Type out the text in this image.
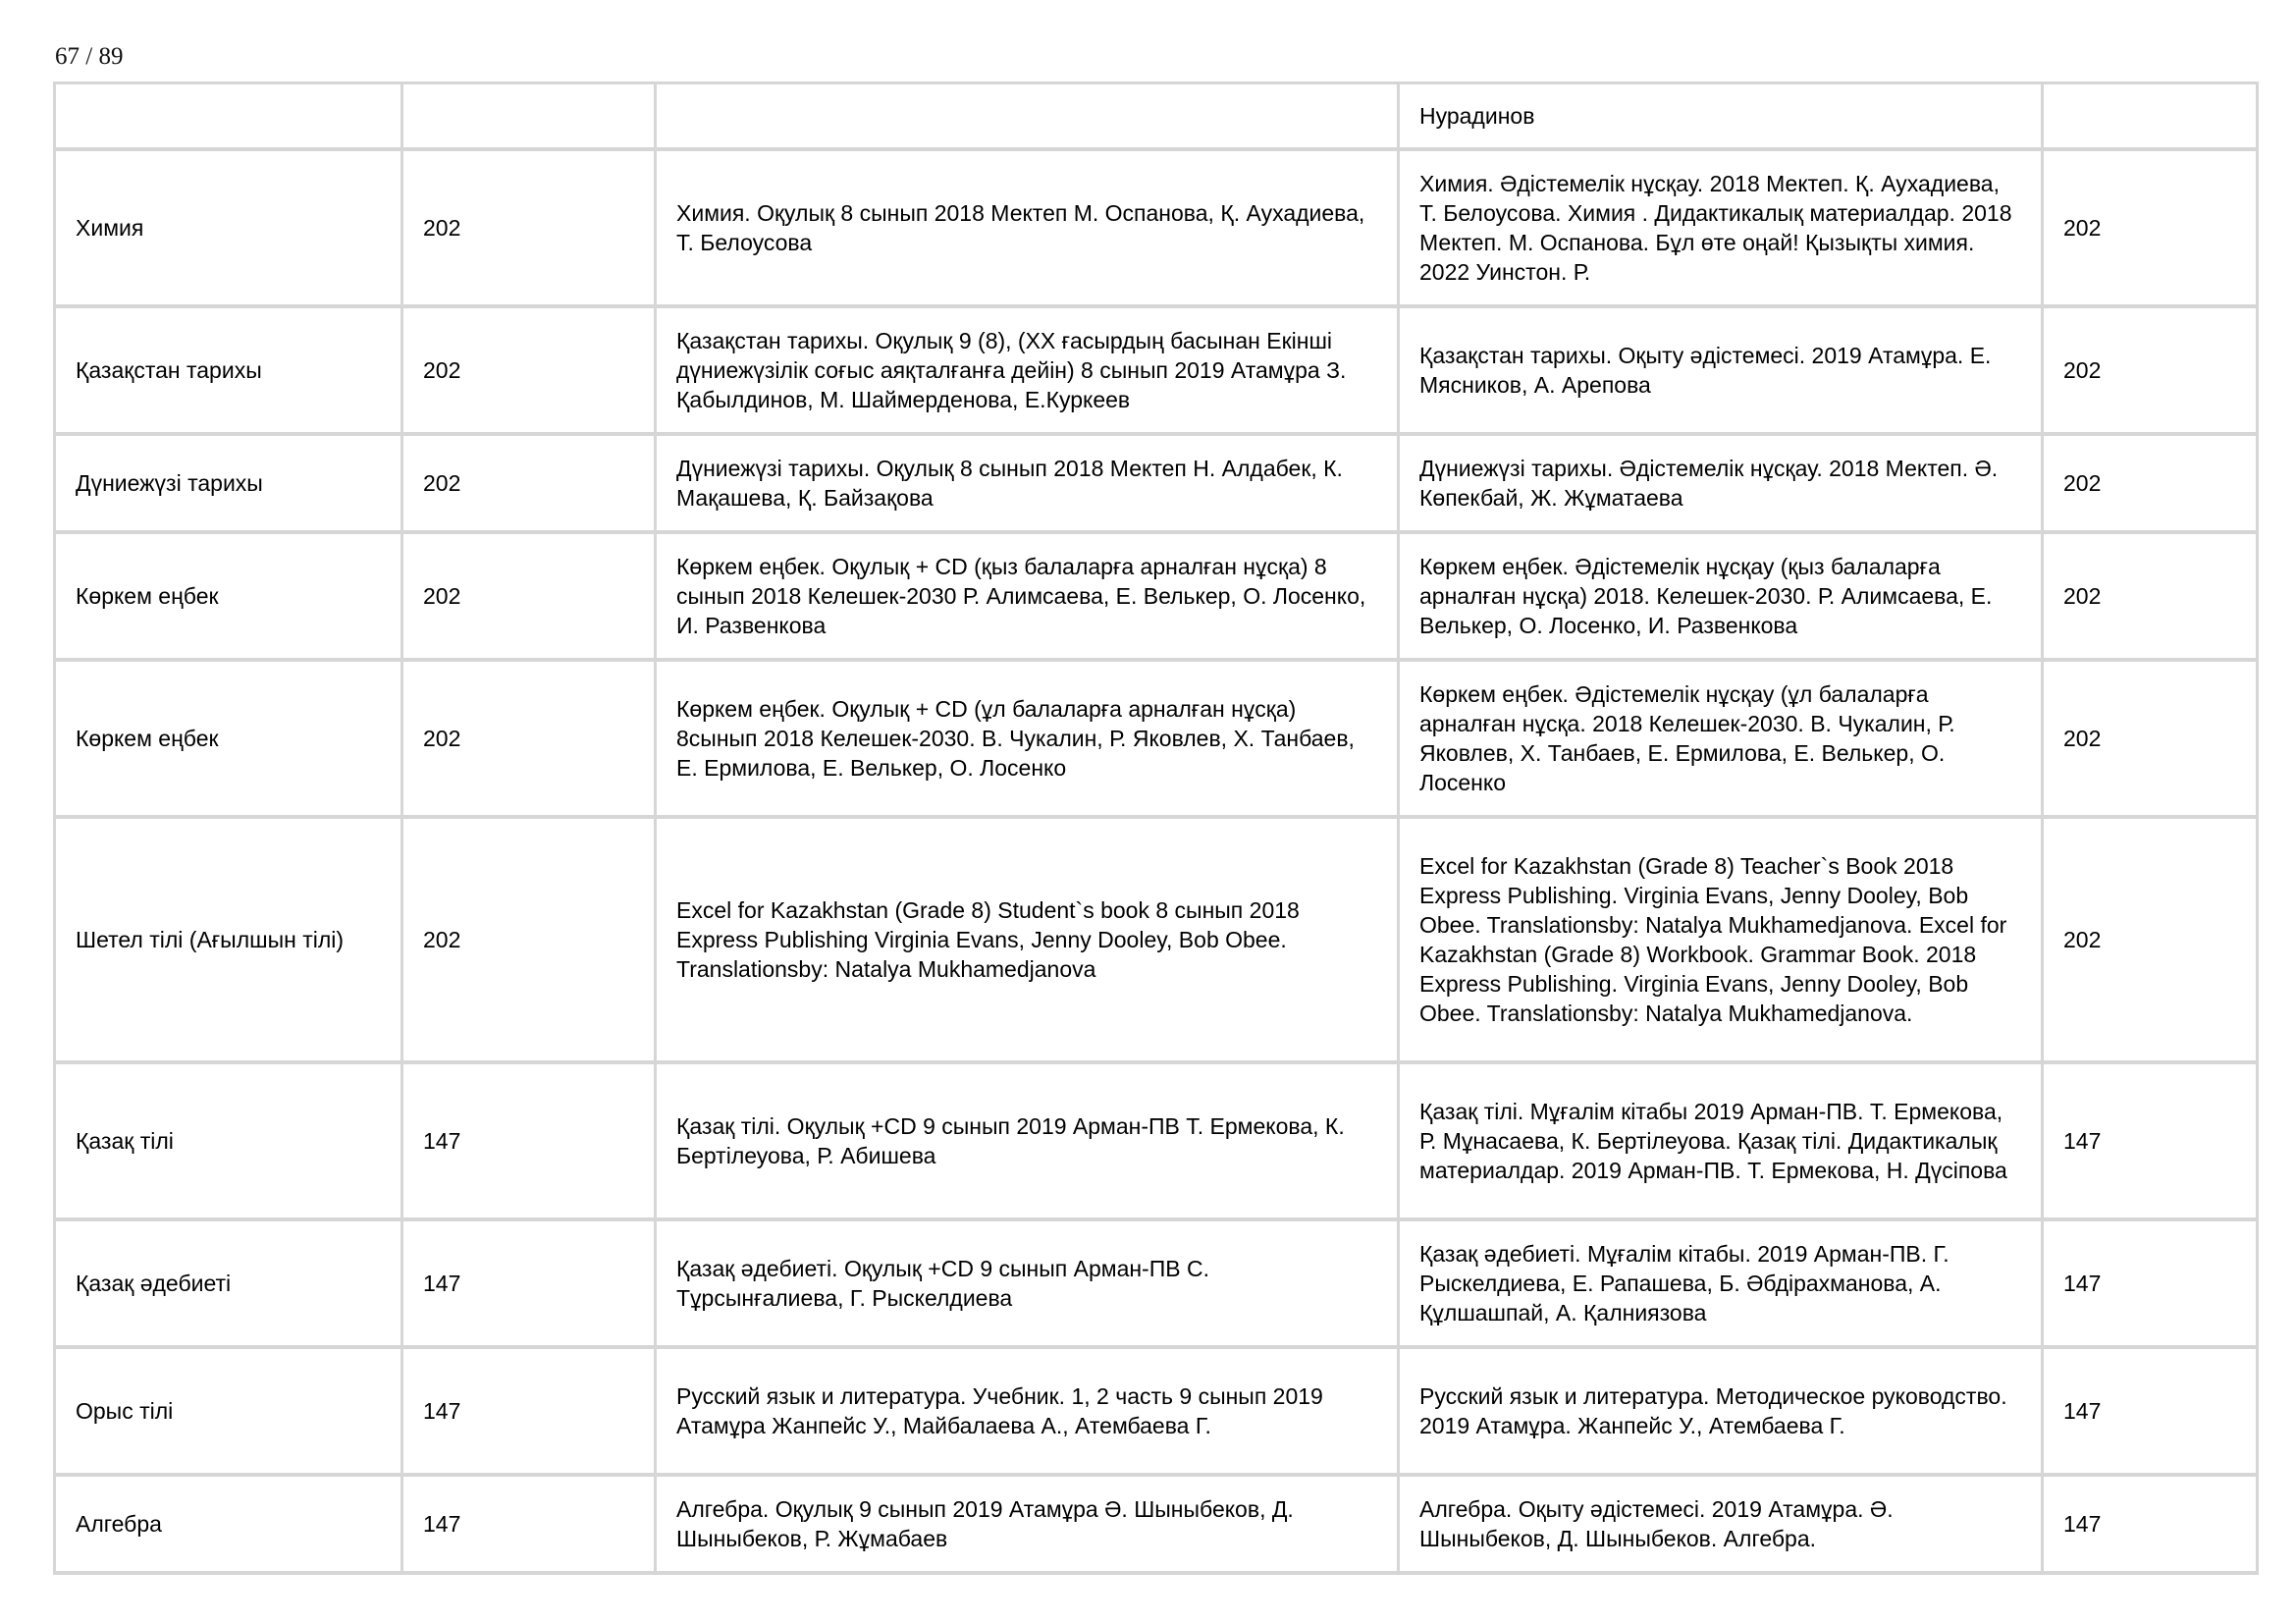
67 / 89
			Нурадинов	
Химия	202	Химия. Оқулық 8 сынып 2018 Мектеп М. Оспанова, Қ. Аухадиева, Т. Белоусова	Химия. Әдістемелік нұсқау. 2018 Мектеп. Қ. Аухадиева, Т. Белоусова. Химия . Дидактикалық материалдар. 2018 Мектеп. М. Оспанова. Бұл өте оңай! Қызықты химия. 2022 Уинстон. Р.	202
Қазақстан тарихы	202	Қазақстан тарихы. Оқулық 9 (8), (ХХ ғасырдың басынан Екінші дүниежүзілік соғыс аяқталғанға дейін) 8 сынып 2019 Атамұра З. Қабылдинов, М. Шаймерденова, Е.Куркеев	Қазақстан тарихы. Оқыту әдістемесі. 2019 Атамұра. Е. Мясников, А. Арепова	202
Дүниежүзі тарихы	202	Дүниежүзі тарихы. Оқулық 8 сынып 2018 Мектеп Н. Алдабек, К. Мақашева, Қ. Байзақова	Дүниежүзі тарихы. Әдістемелік нұсқау. 2018 Мектеп. Ә. Көпекбай, Ж. Жұматаева	202
Көркем еңбек	202	Көркем еңбек. Оқулық + CD (қыз балаларға арналған нұсқа) 8 сынып 2018 Келешек-2030 Р. Алимсаева, Е. Велькер, О. Лосенко, И. Развенкова	Көркем еңбек. Әдістемелік нұсқау (қыз балаларға арналған нұсқа) 2018. Келешек-2030. Р. Алимсаева, Е. Велькер, О. Лосенко, И. Развенкова	202
Көркем еңбек	202	Көркем еңбек. Оқулық + CD (ұл балаларға арналған нұсқа) 8сынып 2018 Келешек-2030. В. Чукалин, Р. Яковлев, Х. Танбаев, Е. Ермилова, Е. Велькер, О. Лосенко	Көркем еңбек. Әдістемелік нұсқау (ұл балаларға арналған нұсқа. 2018 Келешек-2030. В. Чукалин, Р. Яковлев, Х. Танбаев, Е. Ермилова, Е. Велькер, О. Лосенко	202
Шетел тілі (Ағылшын тілі)	202	Excel for Kazakhstan (Grade 8) Student`s book 8 сынып 2018 Express Publishing Virginia Evans, Jenny Dooley, Bob Obee. Translationsby: Natalya Mukhamedjanova	Excel for Kazakhstan (Grade 8) Teacher`s Book 2018 Express Publishing. Virginia Evans, Jenny Dooley, Bob Obee. Translationsby: Natalya Mukhamedjanova. Excel for Kazakhstan (Grade 8) Workbook. Grammar Book. 2018 Express Publishing. Virginia Evans, Jenny Dooley, Bob Obee. Translationsby: Natalya Mukhamedjanova.	202
Қазақ тілі	147	Қазақ тілі. Оқулық +CD 9 сынып 2019 Арман-ПВ Т. Ермекова, К. Бертілеуова, Р. Абишева	Қазақ тілі. Мұғалім кітабы 2019 Арман-ПВ. Т. Ермекова, Р. Мұнасаева, К. Бертілеуова. Қазақ тілі. Дидактикалық материалдар. 2019 Арман-ПВ. Т. Ермекова, Н. Дүсіпова	147
Қазақ әдебиеті	147	Қазақ әдебиеті. Оқулық +CD 9 сынып Арман-ПВ С. Тұрсынғалиева, Г. Рыскелдиева	Қазақ әдебиеті. Мұғалім кітабы. 2019 Арман-ПВ. Г. Рыскелдиева, Е. Рапашева, Б. Әбдірахманова, А. Құлшашпай, А. Қалниязова	147
Орыс тілі	147	Русский язык и литература. Учебник. 1, 2 часть 9 сынып 2019 Атамұра Жанпейс У., Майбалаева А., Атембаева Г.	Русский язык и литература. Методическое руководство. 2019 Атамұра. Жанпейс У., Атембаева Г.	147
Алгебра	147	Алгебра. Оқулық 9 сынып 2019 Атамұра Ә. Шыныбеков, Д. Шыныбеков, Р. Жұмабаев	Алгебра. Оқыту әдістемесі. 2019 Атамұра. Ә. Шыныбеков, Д. Шыныбеков. Алгебра.	147
